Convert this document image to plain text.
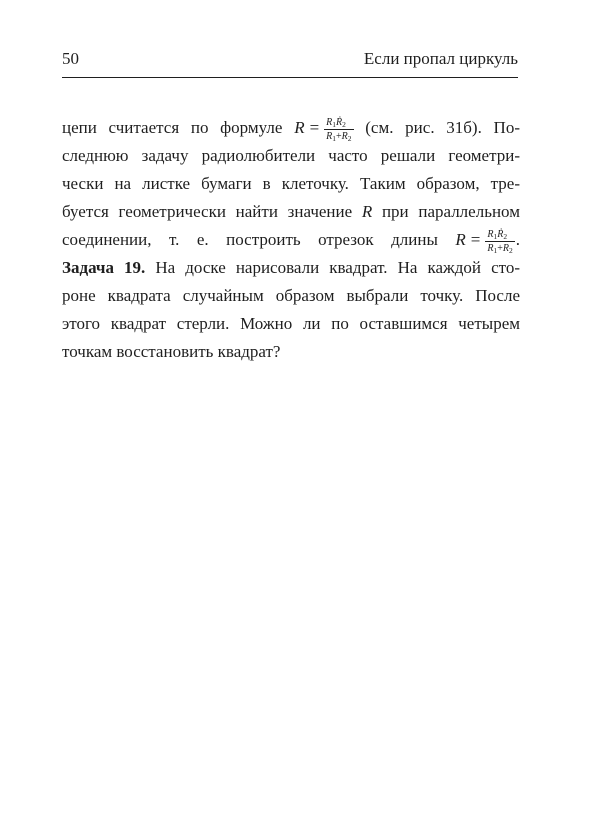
50	Если пропал циркуль
цепи считается по формуле $R = \frac{R_1Ṙ_2}{R_1+R_2} (см$. рис. 31б). По-
следнюю задачу радиолюбители часто решали геометри-
чески на листке бумаги в клеточку. Таким образом, тре-
буется геометрически найти значение R при параллельном
соединении, т. е. построить отрезок длины $R = \frac{R_1Ṙ_2}{R_1+R_2}$ .
Задача 19. На доске нарисовали квадрат. На каждой сто-
роне квадрата случайным образом выбрали точку. После
этого квадрат стерли. Можно ли по оставшимся четырем
точкам восстановить квадрат?
